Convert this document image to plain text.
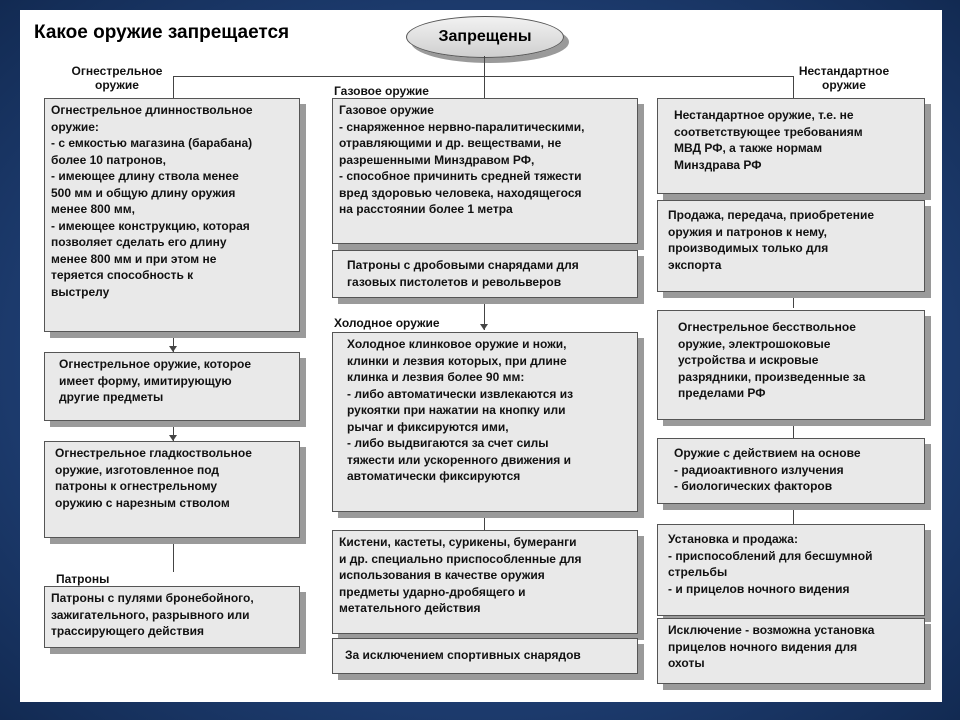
Какое оружие запрещается	Запрещены
Огнестрельное оружие	Газовое оружие
Нестандартное оружие
Холодное оружие
Патроны
Огнестрельное длинноствольное
оружие:
- с емкостью магазина (барабана)
более 10 патронов,
- имеющее длину ствола менее
500 мм и общую длину оружия
менее 800 мм,
- имеющее конструкцию, которая
позволяет сделать его длину
менее 800 мм и при этом не
теряется способность к
выстрелу
Огнестрельное оружие, которое
имеет форму, имитирующую
другие предметы
Огнестрельное гладкоствольное
оружие, изготовленное под
патроны к огнестрельному
оружию с нарезным стволом
Патроны с пулями бронебойного,
зажигательного, разрывного или
трассирующего действия
Газовое оружие
- снаряженное нервно-паралитическими,
отравляющими и др. веществами, не
разрешенными Минздравом РФ,
- способное причинить средней тяжести
вред здоровью человека, находящегося
на расстоянии более 1 метра
Патроны с дробовыми снарядами для
газовых пистолетов и револьверов
Холодное клинковое оружие и ножи,
клинки и лезвия которых, при длине
клинка и лезвия более 90 мм:
- либо автоматически извлекаются из
рукоятки при нажатии на кнопку или
рычаг и фиксируются ими,
- либо выдвигаются за счет силы
тяжести или ускоренного движения и
автоматически фиксируются
Кистени, кастеты, сурикены, бумеранги
и др. специально приспособленные для
использования в качестве оружия
предметы ударно-дробящего и
метательного действия
За исключением спортивных снарядов
Нестандартное оружие, т.е. не
соответствующее требованиям
МВД РФ, а также нормам
Минздрава РФ
Продажа, передача, приобретение
оружия и патронов к нему,
производимых только для
экспорта
Огнестрельное бесствольное
оружие, электрошоковые
устройства и искровые
разрядники, произведенные за
пределами РФ
Оружие с действием на основе
- радиоактивного излучения
- биологических факторов
Установка и продажа:
- приспособлений для бесшумной
стрельбы
- и прицелов ночного видения
Исключение - возможна установка
прицелов ночного видения для
охоты
